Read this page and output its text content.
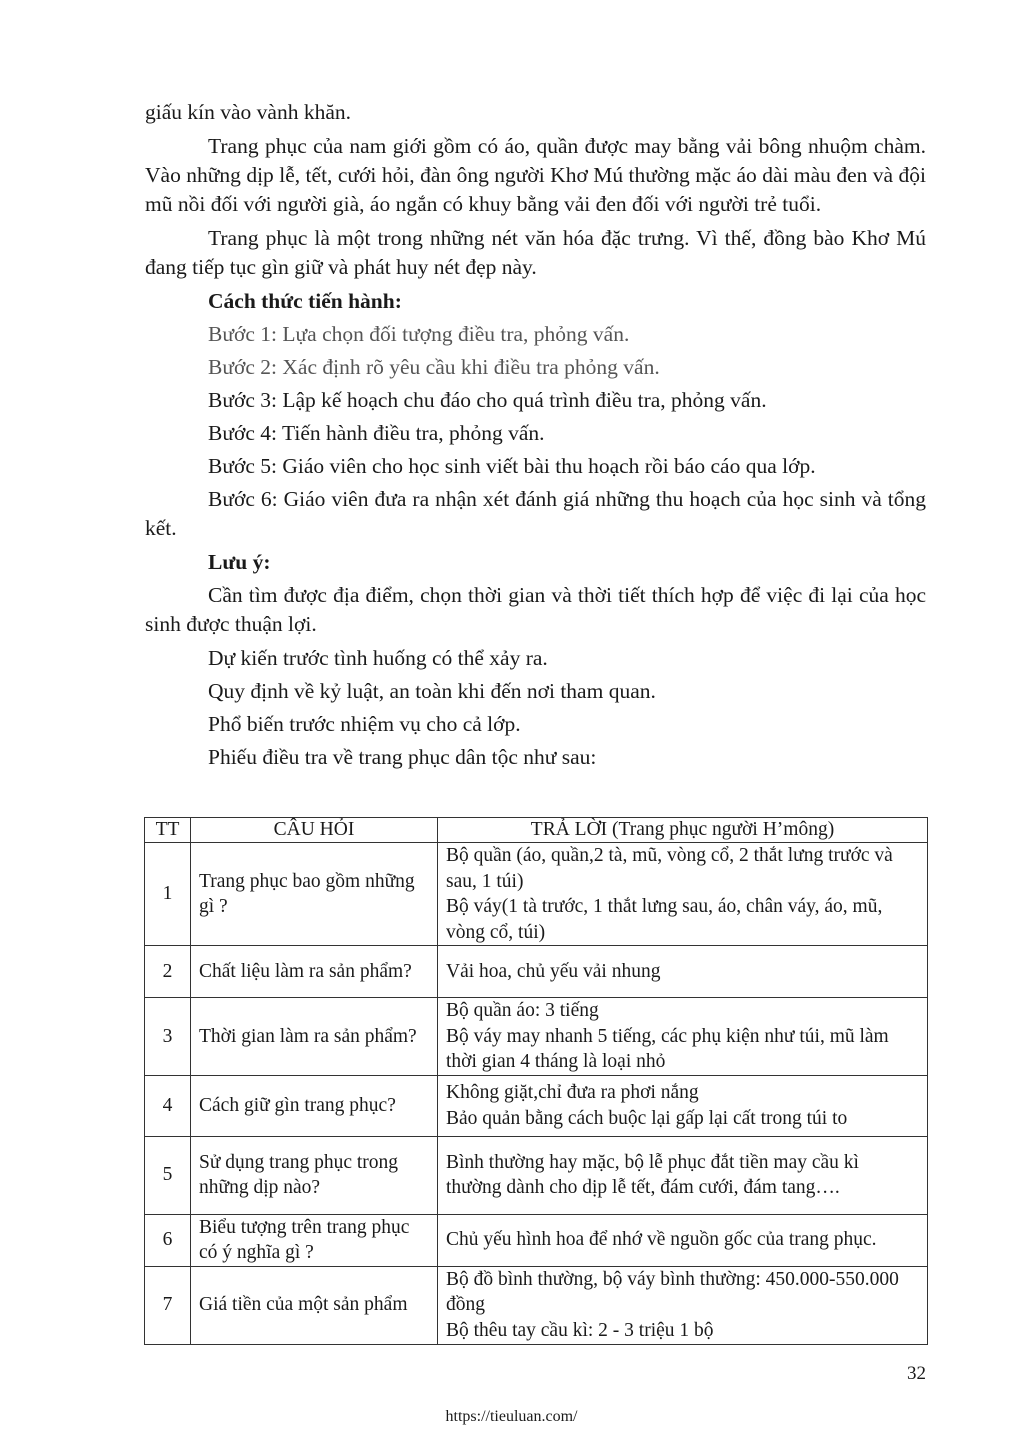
giấu kín vào vành khăn.

Trang phục của nam giới gồm có áo, quần được may bằng vải bông nhuộm chàm. Vào những dịp lễ, tết, cưới hỏi, đàn ông người Khơ Mú thường mặc áo dài màu đen và đội mũ nồi đối với người già, áo ngắn có khuy bằng vải đen đối với người trẻ tuổi.

Trang phục là một trong những nét văn hóa đặc trưng. Vì thế, đồng bào Khơ Mú đang tiếp tục gìn giữ và phát huy nét đẹp này.

Cách thức tiến hành:

Bước 1: Lựa chọn đối tượng điều tra, phỏng vấn.

Bước 2: Xác định rõ yêu cầu khi điều tra phỏng vấn.

Bước 3: Lập kế hoạch chu đáo cho quá trình điều tra, phỏng vấn.

Bước 4: Tiến hành điều tra, phỏng vấn.

Bước 5: Giáo viên cho học sinh viết bài thu hoạch rồi báo cáo qua lớp.

Bước 6: Giáo viên đưa ra nhận xét đánh giá những thu hoạch của học sinh và tổng kết.

Lưu ý:

Cần tìm được địa điểm, chọn thời gian và thời tiết thích hợp để việc đi lại của học sinh được thuận lợi.

Dự kiến trước tình huống có thể xảy ra.

Quy định về kỷ luật, an toàn khi đến nơi tham quan.

Phổ biến trước nhiệm vụ cho cả lớp.

Phiếu điều tra về trang phục dân tộc như sau:

TT	CÂU HỎI	TRẢ LỜI (Trang phục người H’mông)
1	Trang phục bao gồm những gì ?	Bộ quần (áo, quần,2 tà, mũ, vòng cổ, 2 thắt lưng trước và sau, 1 túi)
Bộ váy(1 tà trước, 1 thắt lưng sau, áo, chân váy, áo, mũ, vòng cổ, túi)

2	Chất liệu làm ra sản phẩm?	Vải hoa, chủ yếu vải nhung

3	Thời gian làm ra sản phẩm?	Bộ quần áo: 3 tiếng
Bộ váy may nhanh 5 tiếng, các phụ kiện như túi, mũ làm thời gian 4 tháng là loại nhỏ

4	Cách giữ gìn trang phục?	Không giặt,chỉ đưa ra phơi nắng
Bảo quản bằng cách buộc lại gấp lại cất trong túi to

5	Sử dụng trang phục trong những dịp nào?	Bình thường hay mặc, bộ lễ phục đắt tiền may cầu kì thường dành cho dịp lễ tết, đám cưới, đám tang….

6	Biểu tượng trên trang phục có ý nghĩa gì ?	Chủ yếu hình hoa để nhớ về nguồn gốc của trang phục.

7	Giá tiền của một sản phẩm	Bộ đồ bình thường, bộ váy bình thường: 450.000-550.000 đồng
Bộ thêu tay cầu kì: 2 - 3 triệu 1 bộ
32
https://tieuluan.com/
